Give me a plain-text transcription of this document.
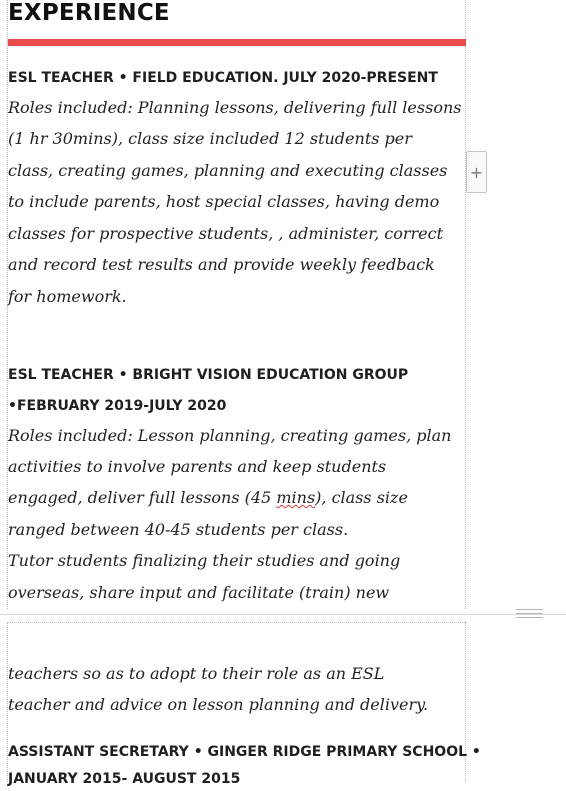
EXPERIENCE
ESL TEACHER • FIELD EDUCATION. JULY 2020-PRESENT
Roles included: Planning lessons, delivering full lessons
(1 hr 30mins), class size included 12 students per
class, creating games, planning and executing classes
to include parents, host special classes, having demo
classes for prospective students, , administer, correct
and record test results and provide weekly feedback
for homework.
ESL TEACHER • BRIGHT VISION EDUCATION GROUP
•FEBRUARY 2019-JULY 2020
Roles included: Lesson planning, creating games, plan
activities to involve parents and keep students
engaged, deliver full lessons (45 mins), class size
ranged between 40-45 students per class.
Tutor students finalizing their studies and going
overseas, share input and facilitate (train) new
+
teachers so as to adopt to their role as an ESL
teacher and advice on lesson planning and delivery.
ASSISTANT SECRETARY • GINGER RIDGE PRIMARY SCHOOL •
JANUARY 2015- AUGUST 2015
